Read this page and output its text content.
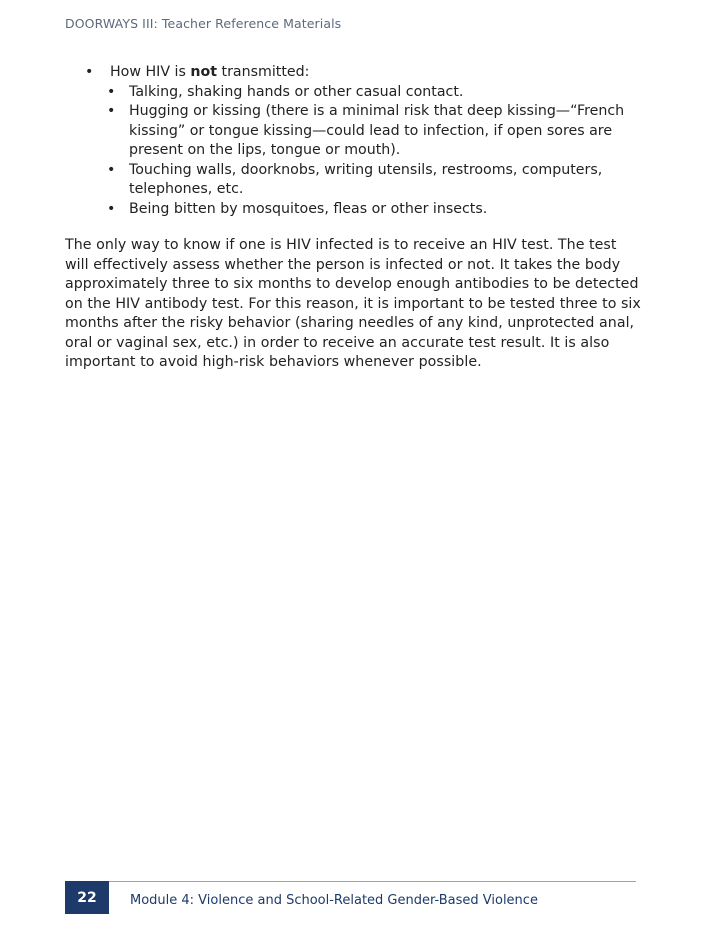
DOORWAYS III: Teacher Reference Materials
• How HIV is not transmitted:
• Talking, shaking hands or other casual contact.
• Hugging or kissing (there is a minimal risk that deep kissing—“French kissing” or tongue kissing—could lead to infection, if open sores are present on the lips, tongue or mouth).
• Touching walls, doorknobs, writing utensils, restrooms, computers, telephones, etc.
• Being bitten by mosquitoes, fleas or other insects.

The only way to know if one is HIV infected is to receive an HIV test. The test will effectively assess whether the person is infected or not. It takes the body approximately three to six months to develop enough antibodies to be detected on the HIV antibody test. For this reason, it is important to be tested three to six months after the risky behavior (sharing needles of any kind, unprotected anal, oral or vaginal sex, etc.) in order to receive an accurate test result. It is also important to avoid high-risk behaviors whenever possible.

22	Module 4: Violence and School-Related Gender-Based Violence
